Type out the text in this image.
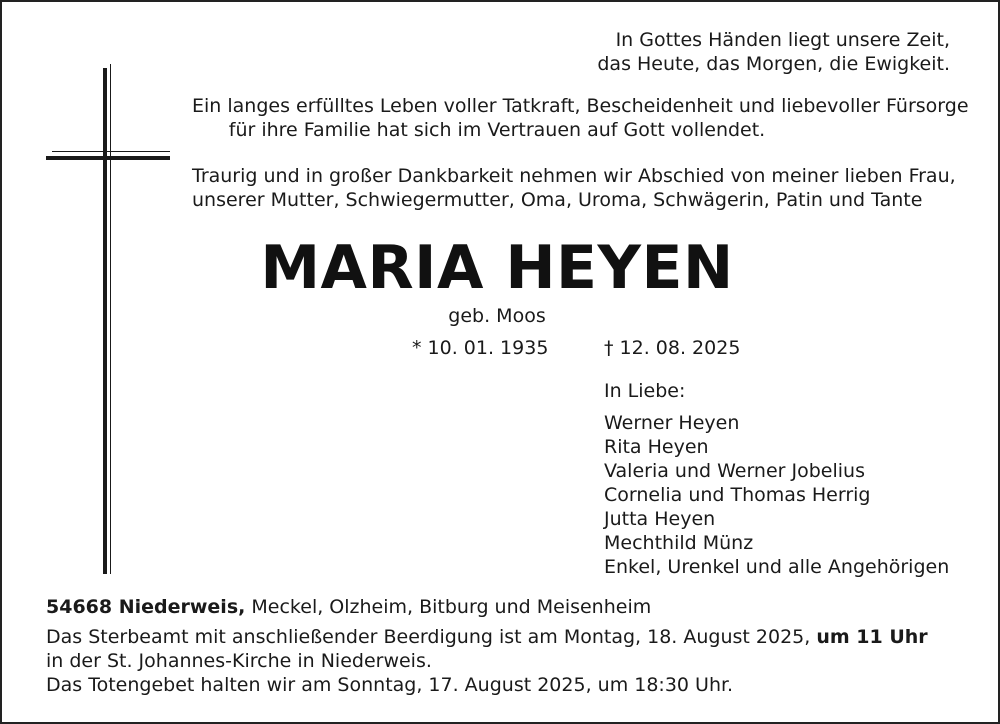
In Gottes Händen liegt unsere Zeit,
das Heute, das Morgen, die Ewigkeit.
Ein langes erfülltes Leben voller Tatkraft, Bescheidenheit und liebevoller Fürsorge
für ihre Familie hat sich im Vertrauen auf Gott vollendet.
Traurig und in großer Dankbarkeit nehmen wir Abschied von meiner lieben Frau,
unserer Mutter, Schwiegermutter, Oma, Uroma, Schwägerin, Patin und Tante
MARIA HEYEN
geb. Moos
* 10. 01. 1935	† 12. 08. 2025
In Liebe:
Werner Heyen
Rita Heyen
Valeria und Werner Jobelius
Cornelia und Thomas Herrig
Jutta Heyen
Mechthild Münz
Enkel, Urenkel und alle Angehörigen
54668 Niederweis, Meckel, Olzheim, Bitburg und Meisenheim
Das Sterbeamt mit anschließender Beerdigung ist am Montag, 18. August 2025, um 11 Uhr
in der St. Johannes-Kirche in Niederweis.
Das Totengebet halten wir am Sonntag, 17. August 2025, um 18:30 Uhr.
